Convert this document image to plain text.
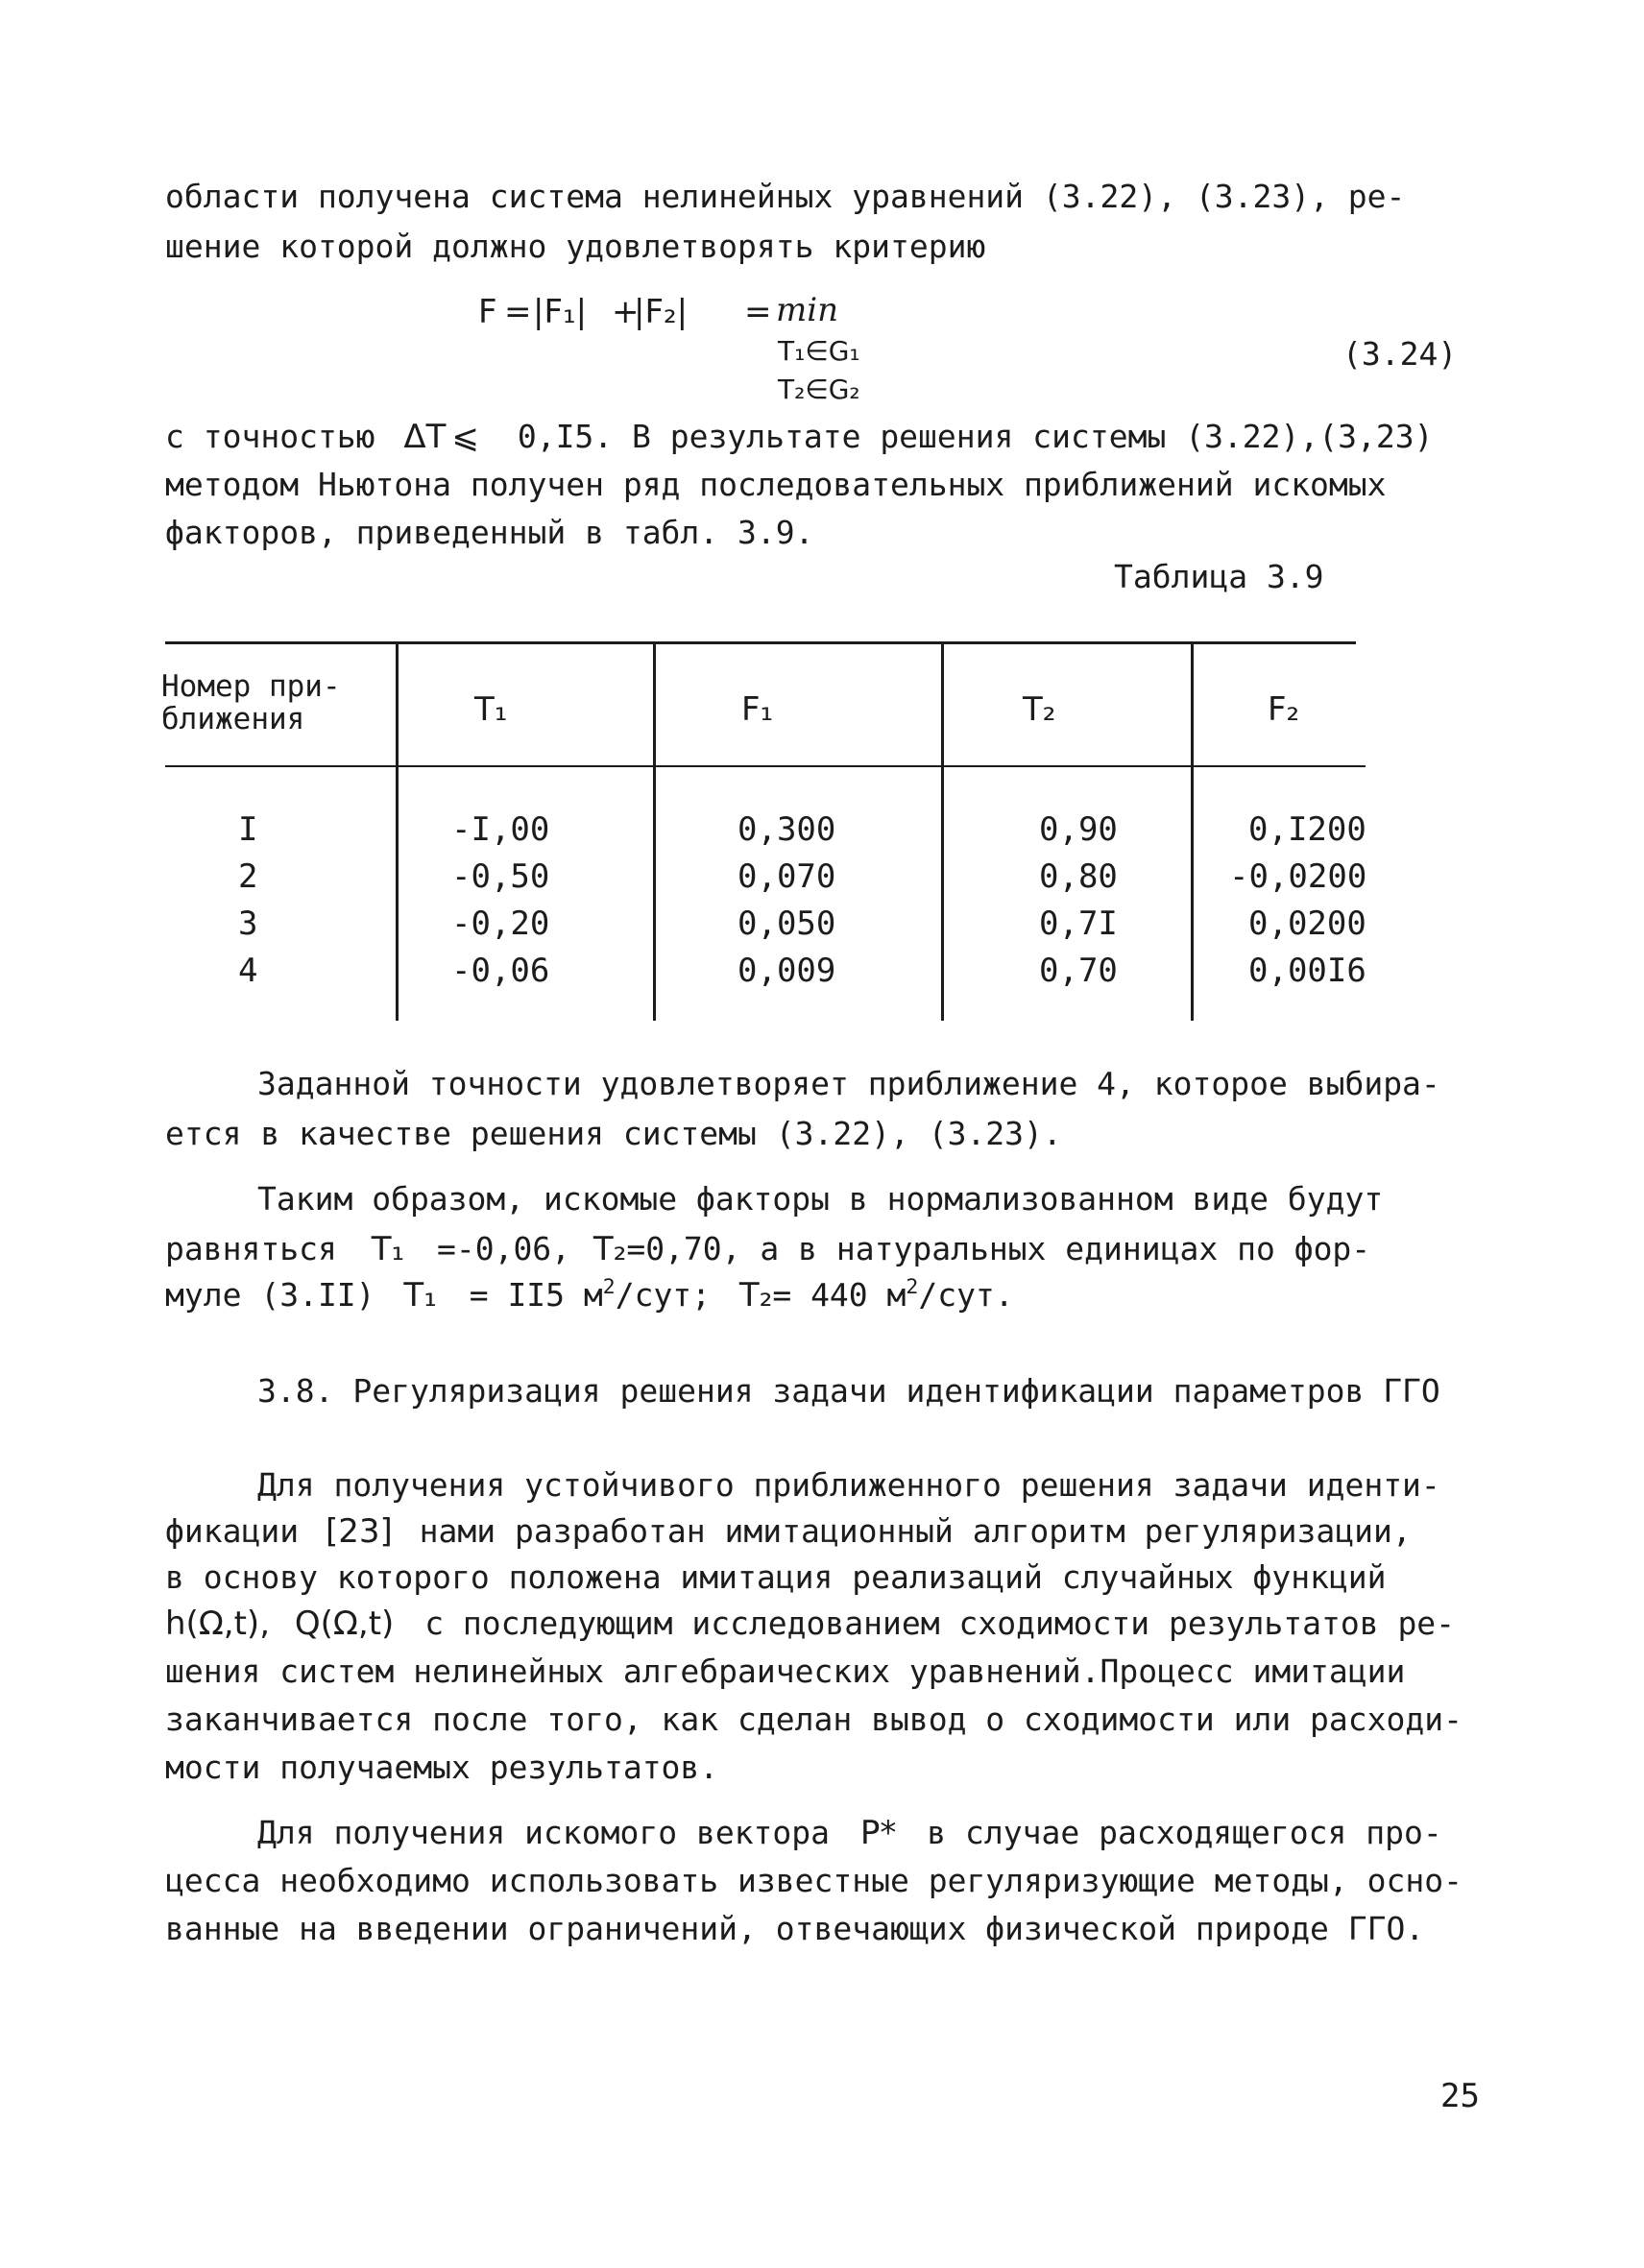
области получена система нелинейных уравнений (3.22), (3.23), ре-
шение которой должно удовлетворять критерию
F = |F₁| +
|F₂| = min
T₁∈G₁
T₂∈G₂
(3.24)
с точностью ΔT ⩽ 0,I5. В результате решения системы (3.22),(3,23)
методом Ньютона получен ряд последовательных приближений искомых
факторов, приведенный в табл. 3.9.
Таблица 3.9
Номер при-
ближения	T₁	F₁	T₂	F₂
I	-I,00	0,300	0,90	0,I200
2	-0,50	0,070	0,80	-0,0200
3	-0,20	0,050	0,7I	0,0200
4	-0,06	0,009	0,70	0,00I6
Заданной точности удовлетворяет приближение 4, которое выбира-
ется в качестве решения системы (3.22), (3.23).
Таким образом, искомые факторы в нормализованном виде будут
равняться T₁ =-0,06, T₂=0,70, а в натуральных единицах по фор-
муле (3.II) T₁ = II5 $м^2$/сут; T₂= 440 $м^2$/сут.
3.8. Регуляризация решения задачи идентификации параметров ГГО
Для получения устойчивого приближенного решения задачи иденти-
фикации [23] нами разработан имитационный алгоритм регуляризации,
в основу которого положена имитация реализаций случайных функций
h(Ω,t), Q(Ω,t) с последующим исследованием сходимости результатов ре-
шения систем нелинейных алгебраических уравнений.Процесс имитации
заканчивается после того, как сделан вывод о сходимости или расходи-
мости получаемых результатов.
Для получения искомого вектора P* в случае расходящегося про-
цесса необходимо использовать известные регуляризующие методы, осно-
ванные на введении ограничений, отвечающих физической природе ГГО.
25
